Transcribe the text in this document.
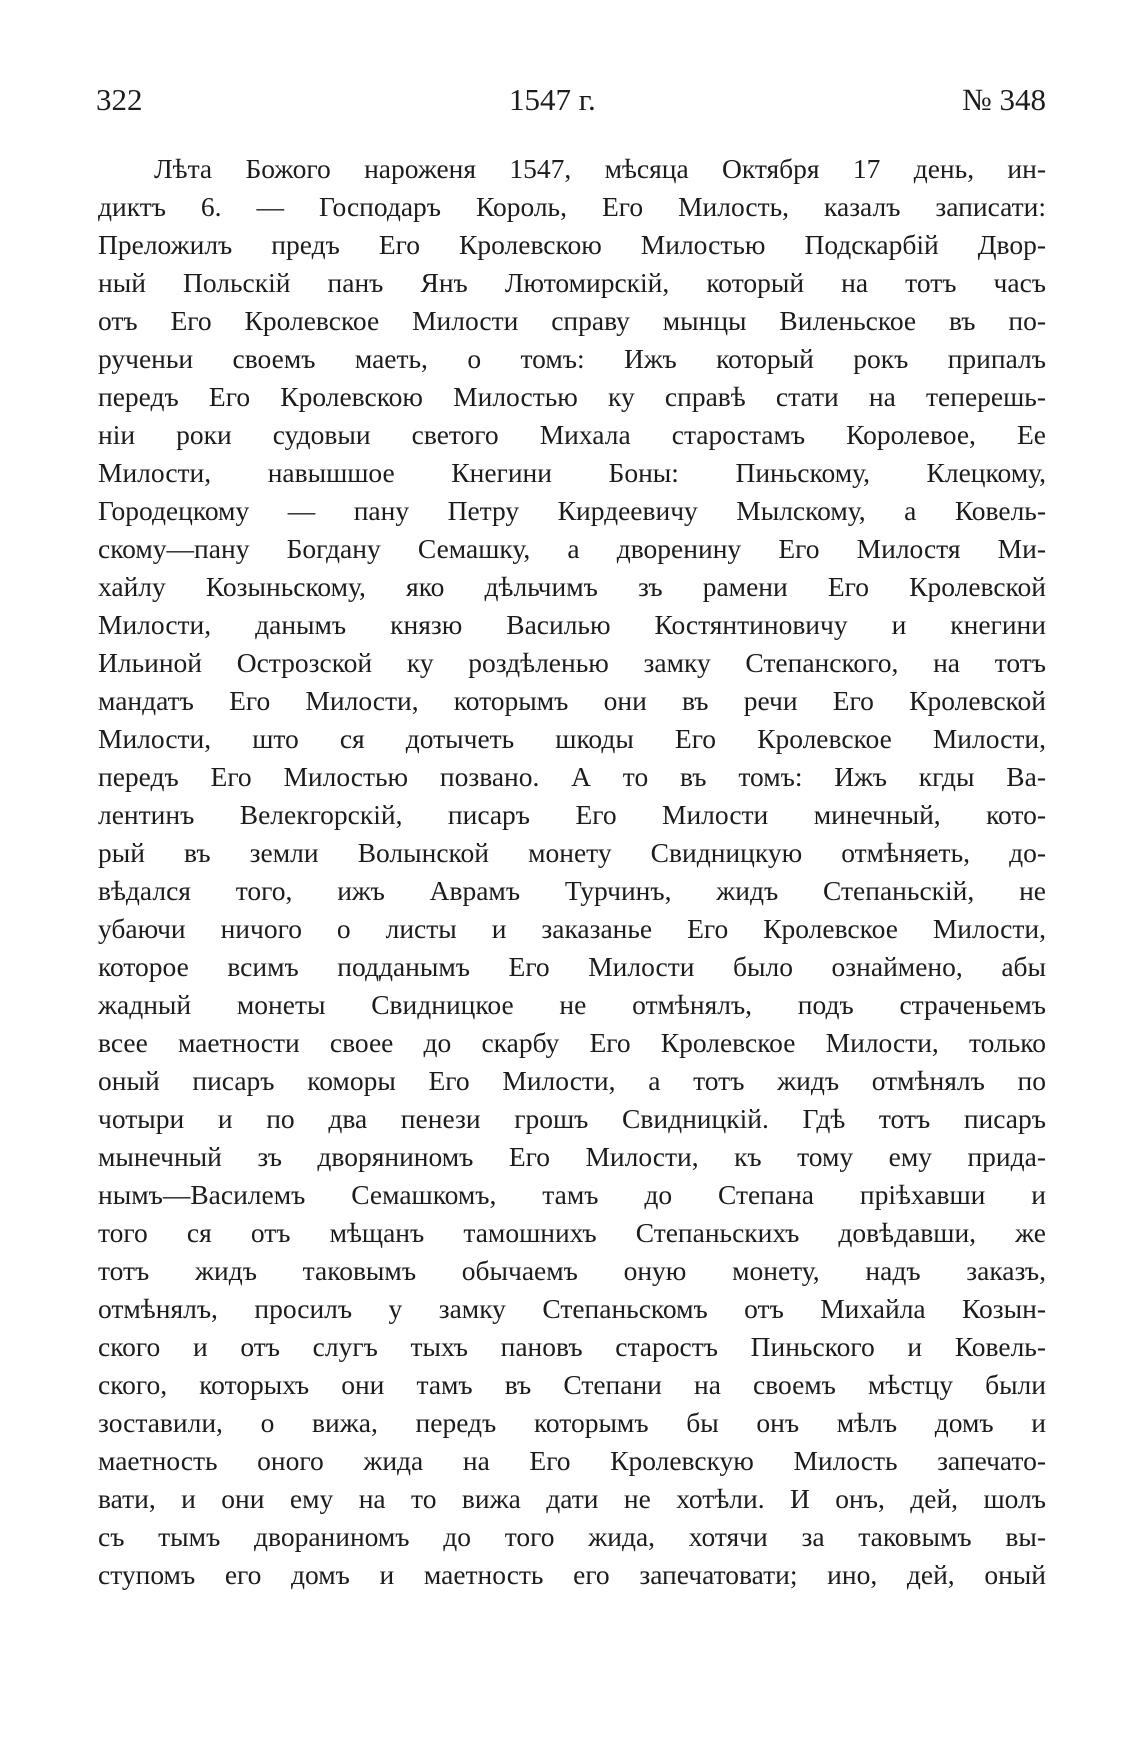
322	1547 г.	№ 348
Лѣта Божого нароженя 1547, мѣсяца Октября 17 день, ин-
диктъ 6. — Господаръ Король, Его Милость, казалъ записати:
Преложилъ предъ Его Кролевскою Милостью Подскарбій Двор-
ный Польскій панъ Янъ Лютомирскій, который на тотъ часъ
отъ Его Кролевское Милости справу мынцы Виленьское въ по-
рученьи своемъ маеть, о томъ: Ижъ который рокъ припалъ
передъ Его Кролевскою Милостью ку справѣ стати на теперешь-
ніи роки судовыи светого Михала старостамъ Королевое, Ее
Милости, навышшое Кнегини Боны: Пиньскому, Клецкому,
Городецкому — пану Петру Кирдеевичу Мылскому, а Ковель-
скому—пану Богдану Семашку, а дворенину Его Милостя Ми-
хайлу Козыньскому, яко дѣльчимъ зъ рамени Его Кролевской
Милости, данымъ князю Василью Костянтиновичу и кнегини
Ильиной Острозской ку роздѣленью замку Степанского, на тотъ
мандатъ Его Милости, которымъ они въ речи Его Кролевской
Милости, што ся дотычеть шкоды Его Кролевское Милости,
передъ Его Милостью позвано. А то въ томъ: Ижъ кгды Ва-
лентинъ Велекгорскій, писаръ Его Милости минечный, кото-
рый въ земли Волынской монету Свидницкую отмѣняеть, до-
вѣдался того, ижъ Аврамъ Турчинъ, жидъ Степаньскій, не
убаючи ничого о листы и заказанье Его Кролевское Милости,
которое всимъ подданымъ Его Милости было ознаймено, абы
жадный монеты Свидницкое не отмѣнялъ, подъ страченьемъ
всее маетности своее до скарбу Его Кролевское Милости, только
оный писаръ коморы Его Милости, а тотъ жидъ отмѣнялъ по
чотыри и по два пенези грошъ Свидницкій. Гдѣ тотъ писаръ
мынечный зъ дворяниномъ Его Милости, къ тому ему прида-
нымъ—Василемъ Семашкомъ, тамъ до Степана пріѣхавши и
того ся отъ мѣщанъ тамошнихъ Степаньскихъ довѣдавши, же
тотъ жидъ таковымъ обычаемъ оную монету, надъ заказъ,
отмѣнялъ, просилъ у замку Степаньскомъ отъ Михайла Козын-
ского и отъ слугъ тыхъ пановъ староcтъ Пиньского и Ковель-
ского, которыхъ они тамъ въ Степани на своемъ мѣстцу были
зоставили, о вижа, передъ которымъ бы онъ мѣлъ домъ и
маетность оного жида на Его Кролевскую Милость запечато-
вати, и они ему на то вижа дати не хотѣли. И онъ, дей, шолъ
съ тымъ дворaниномъ до того жида, хотячи за таковымъ вы-
ступомъ его домъ и маетность его запечатовати; ино, дей, оный
